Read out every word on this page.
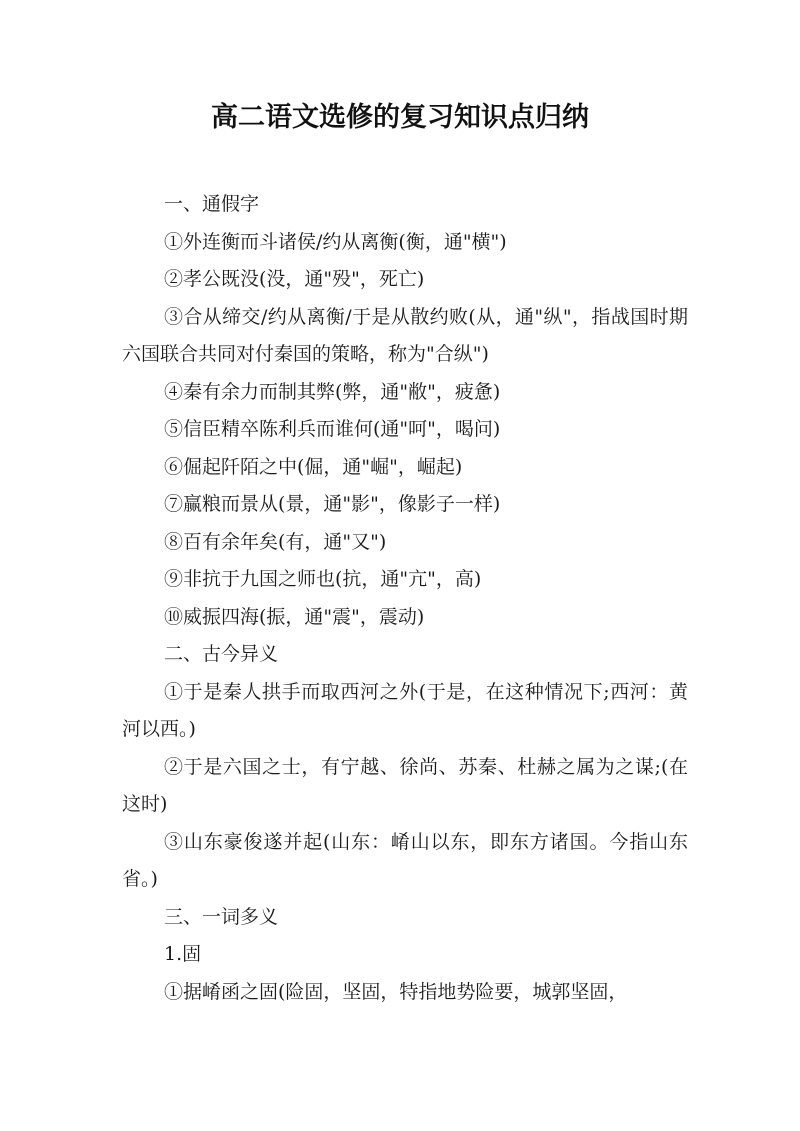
高二语文选修的复习知识点归纳

一、通假字

①外连衡而斗诸侯/约从离衡(衡，通"横")

②孝公既没(没，通"殁"，死亡)

③合从缔交/约从离衡/于是从散约败(从，通"纵"，指战国时期六国联合共同对付秦国的策略，称为"合纵")

④秦有余力而制其弊(弊，通"敝"，疲惫)

⑤信臣精卒陈利兵而谁何(通"呵"，喝问)

⑥倔起阡陌之中(倔，通"崛"，崛起)

⑦赢粮而景从(景，通"影"，像影子一样)

⑧百有余年矣(有，通"又")

⑨非抗于九国之师也(抗，通"亢"，高)

⑩威振四海(振，通"震"，震动)

二、古今异义

①于是秦人拱手而取西河之外(于是，在这种情况下;西河：黄河以西。)

②于是六国之士，有宁越、徐尚、苏秦、杜赫之属为之谋;(在这时)

③山东豪俊遂并起(山东：崤山以东，即东方诸国。今指山东省。)

三、一词多义

1.固

①据崤函之固(险固，坚固，特指地势险要，城郭坚固，
